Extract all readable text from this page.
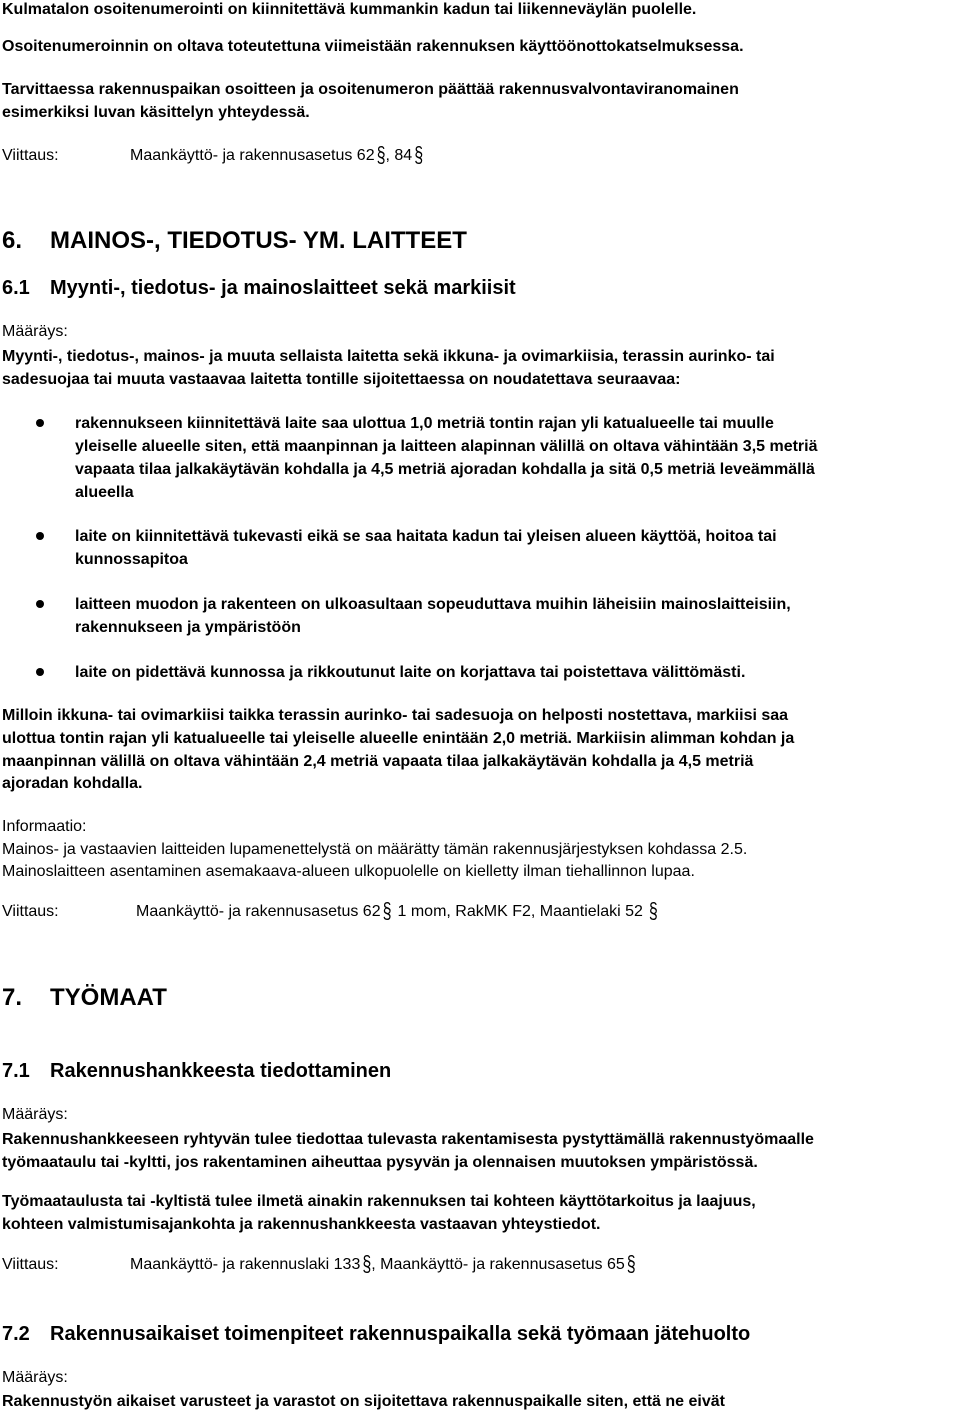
Kulmatalon osoitenumerointi on kiinnitettävä kummankin kadun tai liikenneväylän puolelle.
Osoitenumeroinnin on oltava toteutettuna viimeistään rakennuksen käyttöönottokatselmuksessa.
Tarvittaessa rakennuspaikan osoitteen ja osoitenumeron päättää rakennusvalvontaviranomainen
esimerkiksi luvan käsittelyn yhteydessä.
Viittaus:	Maankäyttö- ja rakennusasetus 62 §, 84 §
6. MAINOS-, TIEDOTUS- YM. LAITTEET
6.1 Myynti-, tiedotus- ja mainoslaitteet sekä markiisit
Määräys:
Myynti-, tiedotus-, mainos- ja muuta sellaista laitetta sekä ikkuna- ja ovimarkiisia, terassin aurinko- tai
sadesuojaa tai muuta vastaavaa laitetta tontille sijoitettaessa on noudatettava seuraavaa:
rakennukseen kiinnitettävä laite saa ulottua 1,0 metriä tontin rajan yli katualueelle tai muulle
yleiselle alueelle siten, että maanpinnan ja laitteen alapinnan välillä on oltava vähintään 3,5 metriä
vapaata tilaa jalkakäytävän kohdalla ja 4,5 metriä ajoradan kohdalla ja sitä 0,5 metriä leveämmällä
alueella
laite on kiinnitettävä tukevasti eikä se saa haitata kadun tai yleisen alueen käyttöä, hoitoa tai
kunnossapitoa
laitteen muodon ja rakenteen on ulkoasultaan sopeuduttava muihin läheisiin mainoslaitteisiin,
rakennukseen ja ympäristöön
laite on pidettävä kunnossa ja rikkoutunut laite on korjattava tai poistettava välittömästi.
Milloin ikkuna- tai ovimarkiisi taikka terassin aurinko- tai sadesuoja on helposti nostettava, markiisi saa
ulottua tontin rajan yli katualueelle tai yleiselle alueelle enintään 2,0 metriä. Markiisin alimman kohdan ja
maanpinnan välillä on oltava vähintään 2,4 metriä vapaata tilaa jalkakäytävän kohdalla ja 4,5 metriä
ajoradan kohdalla.
Informaatio:
Mainos- ja vastaavien laitteiden lupamenettelystä on määrätty tämän rakennusjärjestyksen kohdassa 2.5.
Mainoslaitteen asentaminen asemakaava-alueen ulkopuolelle on kielletty ilman tiehallinnon lupaa.
Viittaus:	Maankäyttö- ja rakennusasetus 62 § 1 mom, RakMK F2, Maantielaki 52 §
7. TYÖMAAT
7.1 Rakennushankkeesta tiedottaminen
Määräys:
Rakennushankkeeseen ryhtyvän tulee tiedottaa tulevasta rakentamisesta pystyttämällä rakennustyömaalle
työmaataulu tai -kyltti, jos rakentaminen aiheuttaa pysyvän ja olennaisen muutoksen ympäristössä.
Työmaataulusta tai -kyltistä tulee ilmetä ainakin rakennuksen tai kohteen käyttötarkoitus ja laajuus,
kohteen valmistumisajankohta ja rakennushankkeesta vastaavan yhteystiedot.
Viittaus:	Maankäyttö- ja rakennuslaki 133 §, Maankäyttö- ja rakennusasetus 65 §
7.2 Rakennusaikaiset toimenpiteet rakennuspaikalla sekä työmaan jätehuolto
Määräys:
Rakennustyön aikaiset varusteet ja varastot on sijoitettava rakennuspaikalle siten, että ne eivät
